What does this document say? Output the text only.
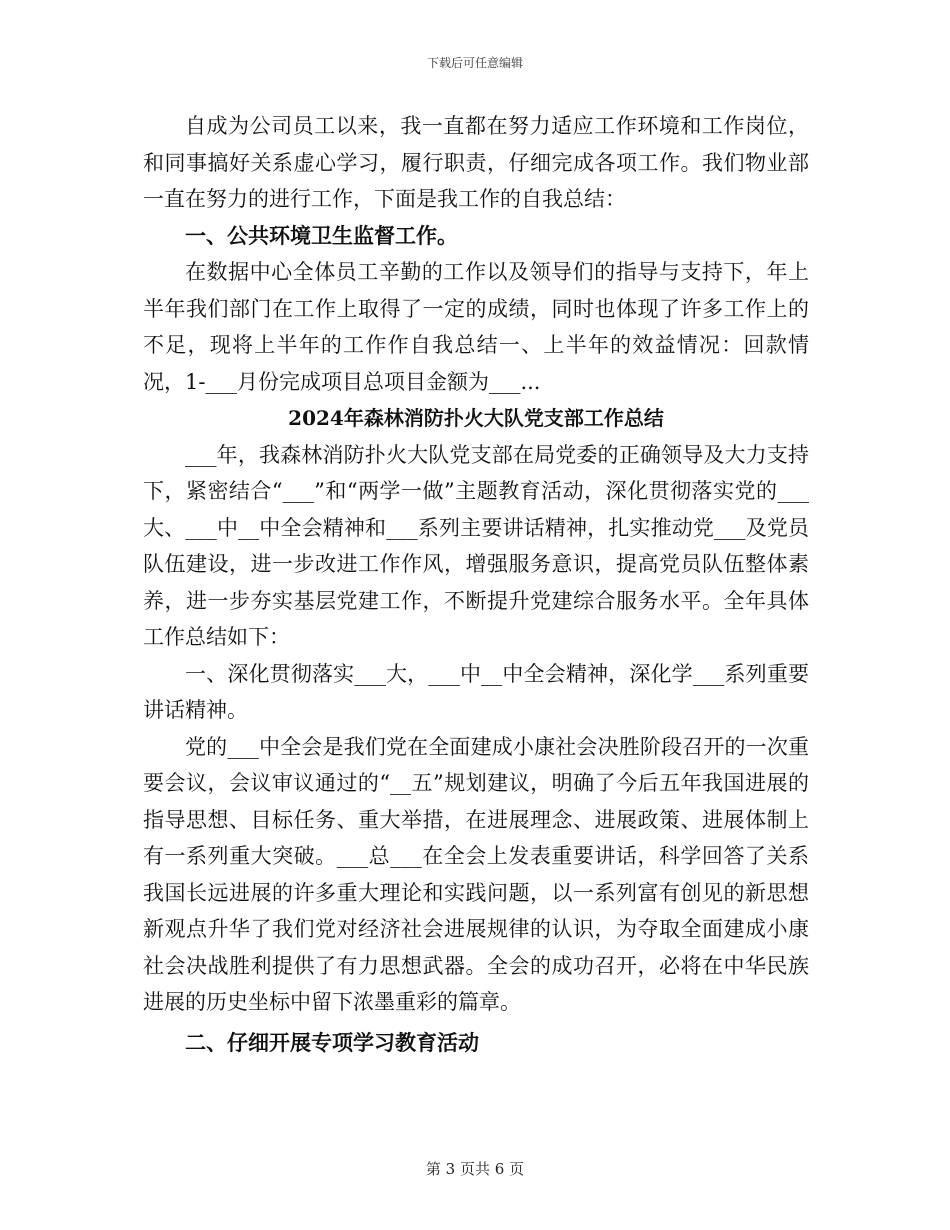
下载后可任意编辑

自成为公司员工以来，我一直都在努力适应工作环境和工作岗位，和同事搞好关系虚心学习，履行职责，仔细完成各项工作。我们物业部一直在努力的进行工作，下面是我工作的自我总结：

一、公共环境卫生监督工作。

在数据中心全体员工辛勤的工作以及领导们的指导与支持下，年上半年我们部门在工作上取得了一定的成绩，同时也体现了许多工作上的不足，现将上半年的工作作自我总结一、上半年的效益情况：回款情况，1-___月份完成项目总项目金额为___...

2024年森林消防扑火大队党支部工作总结

___年，我森林消防扑火大队党支部在局党委的正确领导及大力支持下，紧密结合“___”和“两学一做”主题教育活动，深化贯彻落实党的___大、___中__中全会精神和___系列主要讲话精神，扎实推动党___及党员队伍建设，进一步改进工作作风，增强服务意识，提高党员队伍整体素养，进一步夯实基层党建工作，不断提升党建综合服务水平。全年具体工作总结如下：

一、深化贯彻落实___大，___中__中全会精神，深化学___系列重要讲话精神。

党的___中全会是我们党在全面建成小康社会决胜阶段召开的一次重要会议，会议审议通过的“__五”规划建议，明确了今后五年我国进展的指导思想、目标任务、重大举措，在进展理念、进展政策、进展体制上有一系列重大突破。___总___在全会上发表重要讲话，科学回答了关系我国长远进展的许多重大理论和实践问题，以一系列富有创见的新思想新观点升华了我们党对经济社会进展规律的认识，为夺取全面建成小康社会决战胜利提供了有力思想武器。全会的成功召开，必将在中华民族进展的历史坐标中留下浓墨重彩的篇章。

二、仔细开展专项学习教育活动

第 3 页共 6 页
